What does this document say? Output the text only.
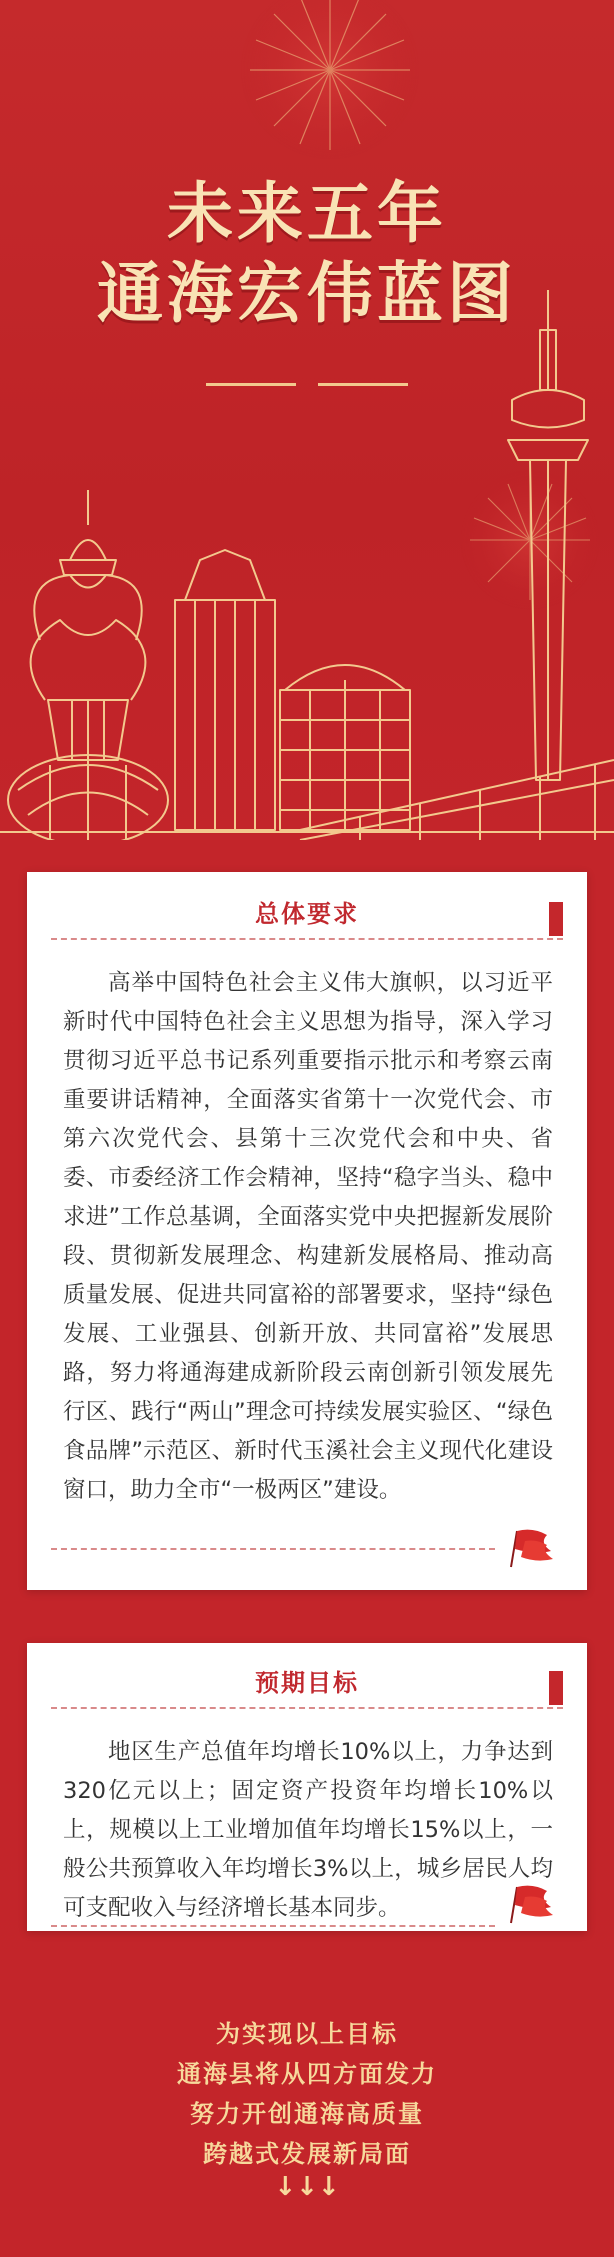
未来五年
通海宏伟蓝图
总体要求

高举中国特色社会主义伟大旗帜，以习近平新时代中国特色社会主义思想为指导，深入学习贯彻习近平总书记系列重要指示批示和考察云南重要讲话精神，全面落实省第十一次党代会、市第六次党代会、县第十三次党代会和中央、省委、市委经济工作会精神，坚持“稳字当头、稳中求进”工作总基调，全面落实党中央把握新发展阶段、贯彻新发展理念、构建新发展格局、推动高质量发展、促进共同富裕的部署要求，坚持“绿色发展、工业强县、创新开放、共同富裕”发展思路，努力将通海建成新阶段云南创新引领发展先行区、践行“两山”理念可持续发展实验区、“绿色食品牌”示范区、新时代玉溪社会主义现代化建设窗口，助力全市“一极两区”建设。

预期目标

地区生产总值年均增长10%以上，力争达到320亿元以上；固定资产投资年均增长10%以上，规模以上工业增加值年均增长15%以上，一般公共预算收入年均增长3%以上，城乡居民人均可支配收入与经济增长基本同步。

为实现以上目标
通海县将从四方面发力
努力开创通海高质量
跨越式发展新局面
↓↓↓
